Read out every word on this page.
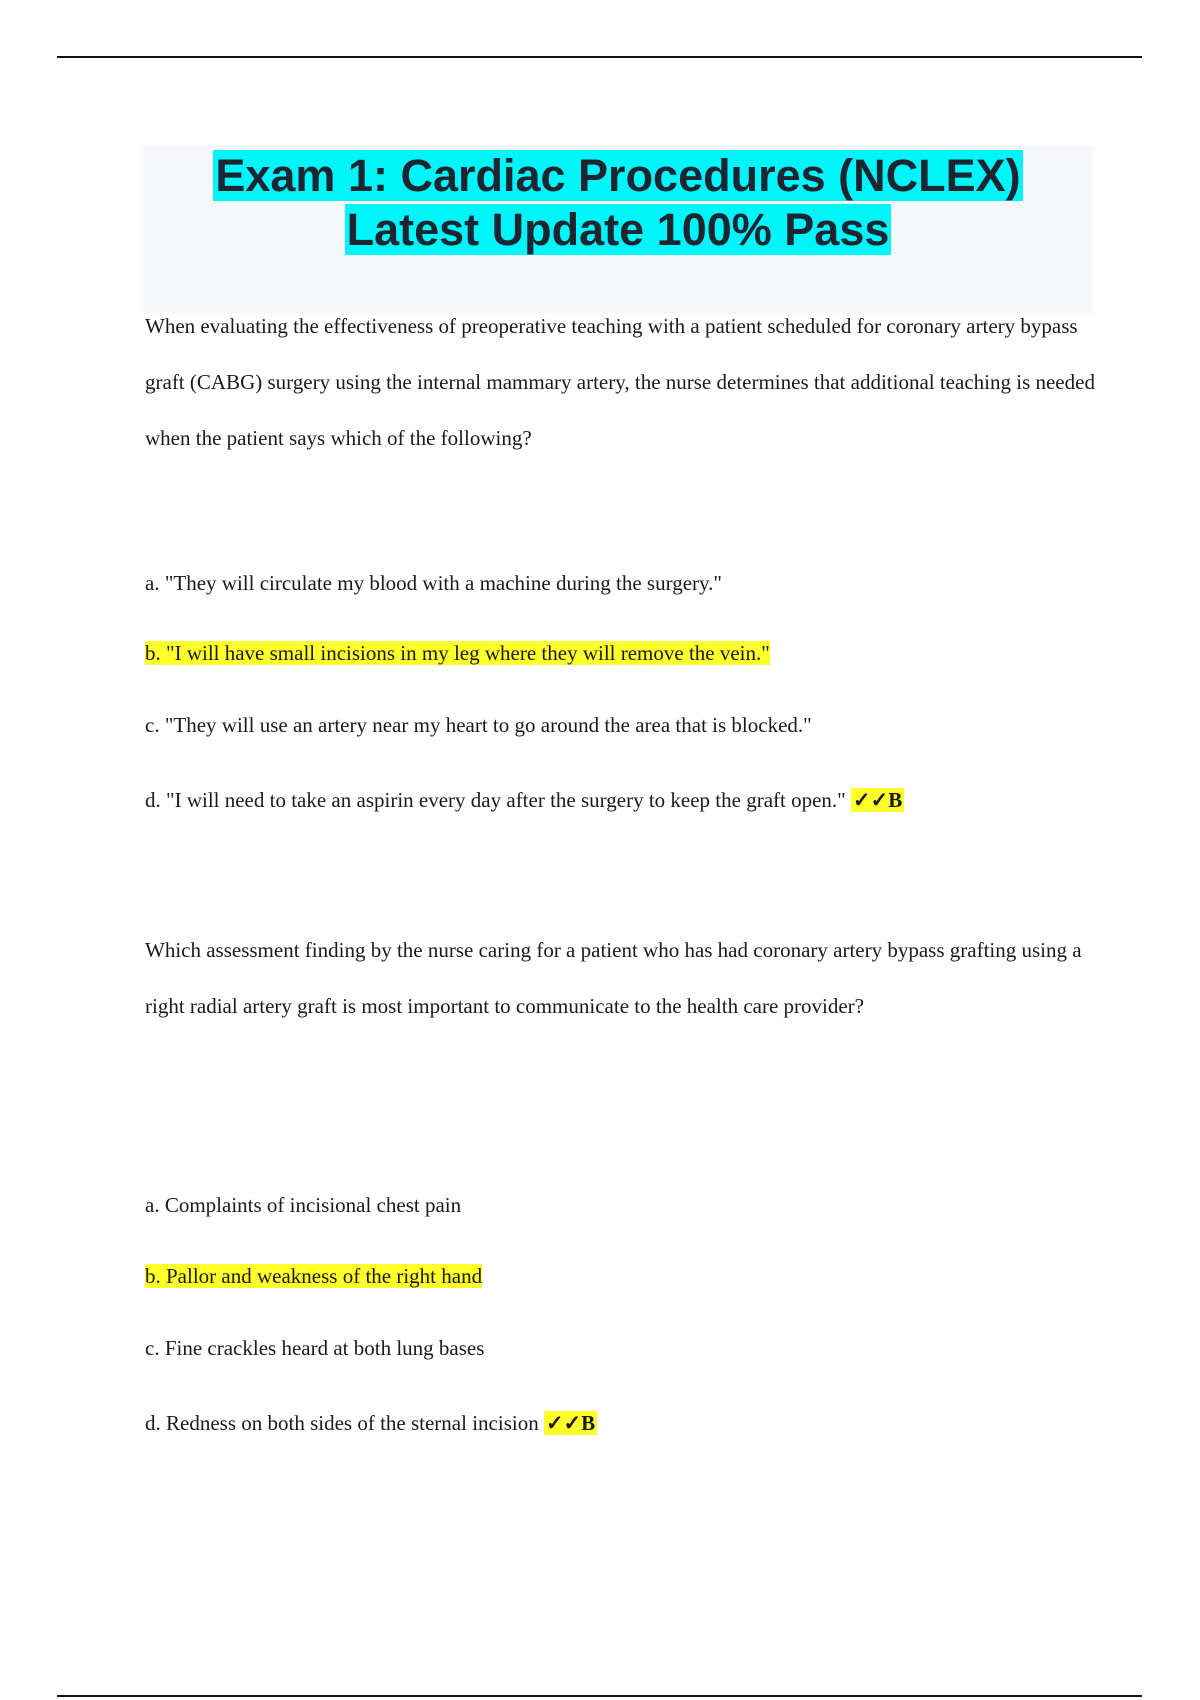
Exam 1: Cardiac Procedures (NCLEX)
Latest Update 100% Pass

When evaluating the effectiveness of preoperative teaching with a patient scheduled for coronary artery bypass graft (CABG) surgery using the internal mammary artery, the nurse determines that additional teaching is needed when the patient says which of the following?

a. "They will circulate my blood with a machine during the surgery."
b. "I will have small incisions in my leg where they will remove the vein."
c. "They will use an artery near my heart to go around the area that is blocked."
d. "I will need to take an aspirin every day after the surgery to keep the graft open." ✓✓B

Which assessment finding by the nurse caring for a patient who has had coronary artery bypass grafting using a right radial artery graft is most important to communicate to the health care provider?

a. Complaints of incisional chest pain
b. Pallor and weakness of the right hand
c. Fine crackles heard at both lung bases
d. Redness on both sides of the sternal incision ✓✓B
